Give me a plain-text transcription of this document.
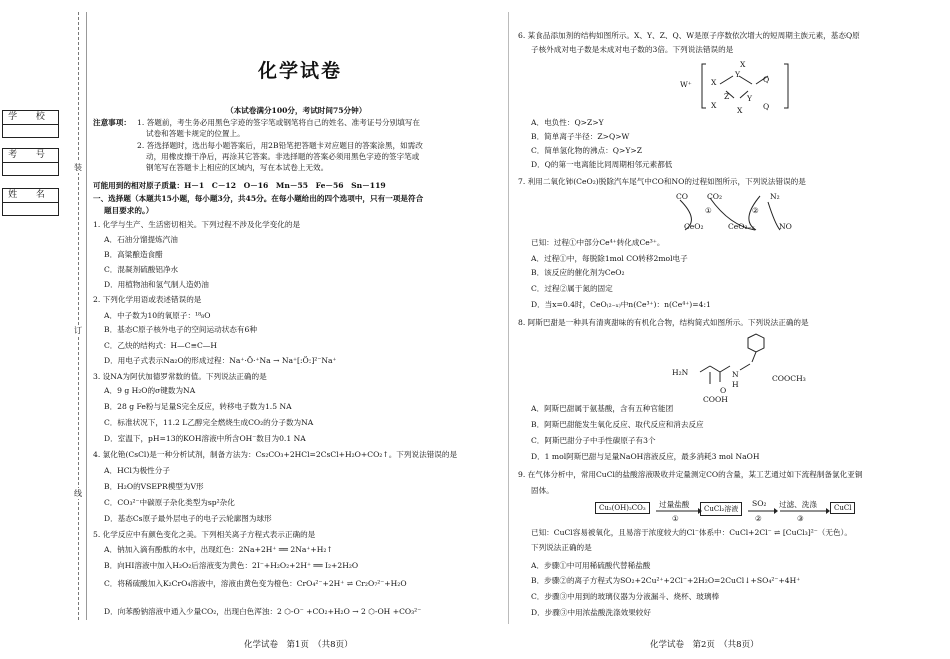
学 校
考 号
姓 名
装
订
线
化学试卷
（本试卷满分100分，考试时间75分钟）
注意事项： 1. 答题前，考生务必用黑色字迹的签字笔或钢笔将自己的姓名、准考证号分别填写在
试卷和答题卡规定的位置上。
2. 答选择题时，选出每小题答案后，用2B铅笔把答题卡对应题目的答案涂黑，如需改
动，用橡皮擦干净后，再涂其它答案。非选择题的答案必须用黑色字迹的签字笔或
钢笔写在答题卡上相应的区域内，写在本试卷上无效。
可能用到的相对原子质量：H－1　C－12　O－16　Mn－55　Fe－56　Sn－119
一、选择题（本题共15小题，每小题3分，共45分。在每小题给出的四个选项中，只有一项是符合
题目要求的。）
1. 化学与生产、生活密切相关。下列过程不涉及化学变化的是
A．石油分馏提炼汽油
B．高粱酿造食醋
C．混凝剂硫酸铝净水
D．用植物油和氢气制人造奶油
2. 下列化学用语或表述错误的是
A．中子数为10的氧原子：¹⁸₈O
B．基态C原子核外电子的空间运动状态有6种
C．乙炔的结构式：H—C≡C—H
D．用电子式表示Na₂O的形成过程：Na⁺·Ö·⁺Na → Na⁺[:Ö:]²⁻Na⁺
3. 设NA为阿伏加德罗常数的值。下列说法正确的是
A．9 g H₂O的σ键数为NA
B．28 g Fe粉与足量S完全反应，转移电子数为1.5 NA
C．标准状况下，11.2 L乙醇完全燃烧生成CO₂的分子数为NA
D．室温下，pH=13的KOH溶液中所含OH⁻数目为0.1 NA
4. 氯化铯(CsCl)是一种分析试剂，制备方法为：Cs₂CO₃+2HCl=2CsCl+H₂O+CO₂↑。下列说法错误的是
A．HCl为极性分子
B．H₂O的VSEPR模型为V形
C．CO₃²⁻中碳原子杂化类型为sp²杂化
D．基态Cs原子最外层电子的电子云轮廓图为球形
5. 化学反应中有颜色变化之美。下列相关离子方程式表示正确的是
A．钠加入滴有酚酞的水中，出现红色：2Na+2H⁺ ══ 2Na⁺+H₂↑
B．向HI溶液中加入H₂O₂后溶液变为黄色：2I⁻+H₂O₂+2H⁺ ══ I₂+2H₂O
C．将稀硫酸加入K₂CrO₄溶液中，溶液由黄色变为橙色：CrO₄²⁻+2H⁺ ⇌ Cr₂O₇²⁻+H₂O
D．向苯酚钠溶液中通入少量CO₂，出现白色浑浊：2 ⬡-O⁻ +CO₂+H₂O → 2 ⬡-OH +CO₃²⁻
化学试卷　第1页　（共8页）
6. 某食品添加剂的结构如图所示。X、Y、Z、Q、W是原子序数依次增大的短周期主族元素，基态Q原
子核外成对电子数是未成对电子数的3倍。下列说法错误的是
W⁺	X
Y
Z
Q
X
Y
X
X	Q
A．电负性：Q>Z>Y
B．简单离子半径：Z>Q>W
C．简单氢化物的沸点：Q>Y>Z
D．Q的第一电离能比同周期相邻元素都低
7. 利用二氧化铈(CeO₂)脱除汽车尾气中CO和NO的过程如图所示，下列说法错误的是
CO CO₂
CeO₂	CeO₂₋ₓ
N₂
NO
①	②
已知：过程①中部分Ce⁴⁺转化成Ce³⁺。
A．过程①中，每脱除1mol CO转移2mol电子
B．该反应的催化剂为CeO₂
C．过程②属于氮的固定
D．当x=0.4时，CeO₍₂₋ₓ₎中n(Ce³⁺)：n(Ce⁴⁺)=4:1
8. 阿斯巴甜是一种具有清爽甜味的有机化合物，结构简式如图所示。下列说法正确的是
H₂N	N
H
COOCH₃
COOH
O
A．阿斯巴甜属于氨基酸，含有五种官能团
B．阿斯巴甜能发生氧化反应、取代反应和消去反应
C．阿斯巴甜分子中手性碳原子有3个
D．1 mol阿斯巴甜与足量NaOH溶液反应，最多消耗3 mol NaOH
9. 在气体分析中，常用CuCl的盐酸溶液吸收并定量测定CO的含量，某工艺通过如下流程制备氯化亚铜
固体。
Cu₂(OH)₂CO₃	CuCl₂溶液	CuCl
过量盐酸	SO₂ 过滤、洗涤
①	②	③
已知：CuCl容易被氧化，且易溶于浓度较大的Cl⁻体系中：CuCl+2Cl⁻ ⇌ [CuCl₃]²⁻（无色）。
下列说法正确的是
A．步骤①中可用稀硫酸代替稀盐酸
B．步骤②的离子方程式为SO₂+2Cu²⁺+2Cl⁻+2H₂O=2CuCl↓+SO₄²⁻+4H⁺
C．步骤③中用到的玻璃仪器为分液漏斗、烧杯、玻璃棒
D．步骤③中用浓盐酸洗涤效果较好
化学试卷　第2页　（共8页）
